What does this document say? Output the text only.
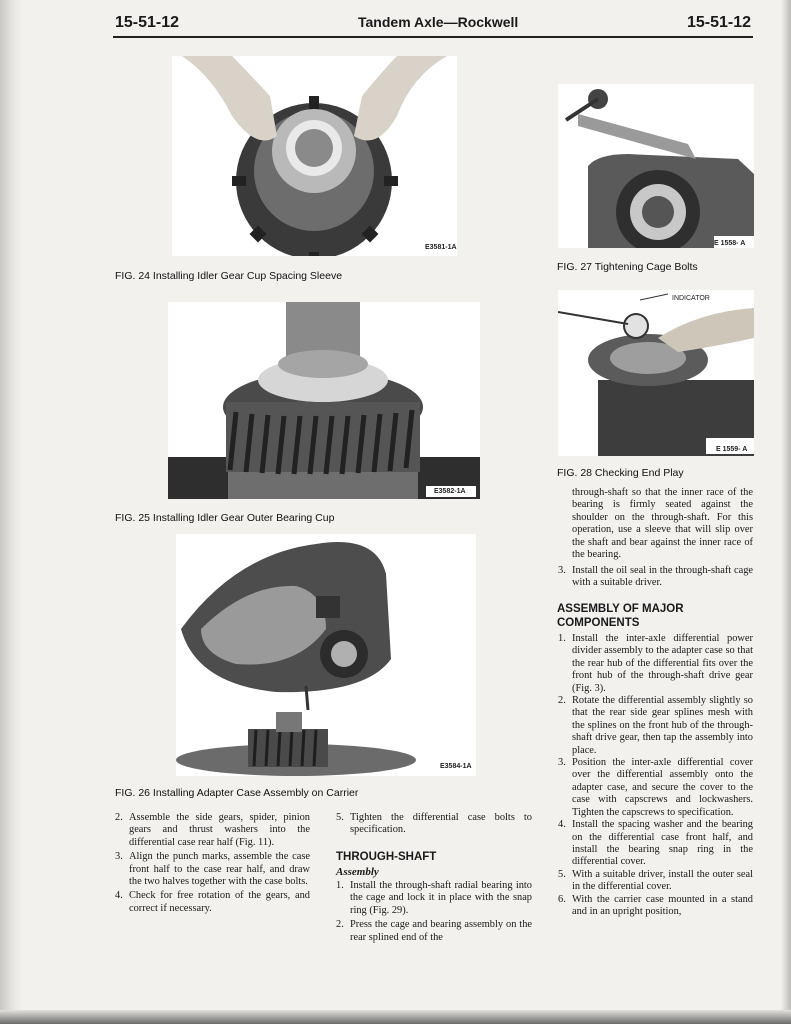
15-51-12	Tandem Axle—Rockwell	15-51-12
E3581-1A
FIG. 24 Installing Idler Gear Cup Spacing Sleeve
E3582-1A
FIG. 25 Installing Idler Gear Outer Bearing Cup
E3584-1A
FIG. 26 Installing Adapter Case Assembly on Carrier
E 1558- A
FIG. 27 Tightening Cage Bolts
INDICATOR
E 1559- A
FIG. 28 Checking End Play
2. Assemble the side gears, spider, pinion gears and thrust washers into the differential case rear half (Fig. 11).
3. Align the punch marks, assemble the case front half to the case rear half, and draw the two halves together with the case bolts.
4. Check for free rotation of the gears, and correct if necessary.
5. Tighten the differential case bolts to specification.
THROUGH-SHAFT
Assembly
1. Install the through-shaft radial bearing into the cage and lock it in place with the snap ring (Fig. 29).
2. Press the cage and bearing assembly on the rear splined end of the
through-shaft so that the inner race of the bearing is firmly seated against the shoulder on the through-shaft. For this operation, use a sleeve that will slip over the shaft and bear against the inner race of the bearing.
3. Install the oil seal in the through-shaft cage with a suitable driver.
ASSEMBLY OF MAJOR COMPONENTS
1. Install the inter-axle differential power divider assembly to the adapter case so that the rear hub of the differential fits over the front hub of the through-shaft drive gear (Fig. 3).
2. Rotate the differential assembly slightly so that the rear side gear splines mesh with the splines on the front hub of the through-shaft drive gear, then tap the assembly into place.
3. Position the inter-axle differential cover over the differential assembly onto the adapter case, and secure the cover to the case with capscrews and lockwashers. Tighten the capscrews to specification.
4. Install the spacing washer and the bearing on the differential case front half, and install the bearing snap ring in the differential cover.
5. With a suitable driver, install the outer seal in the differential cover.
6. With the carrier case mounted in a stand and in an upright position,
